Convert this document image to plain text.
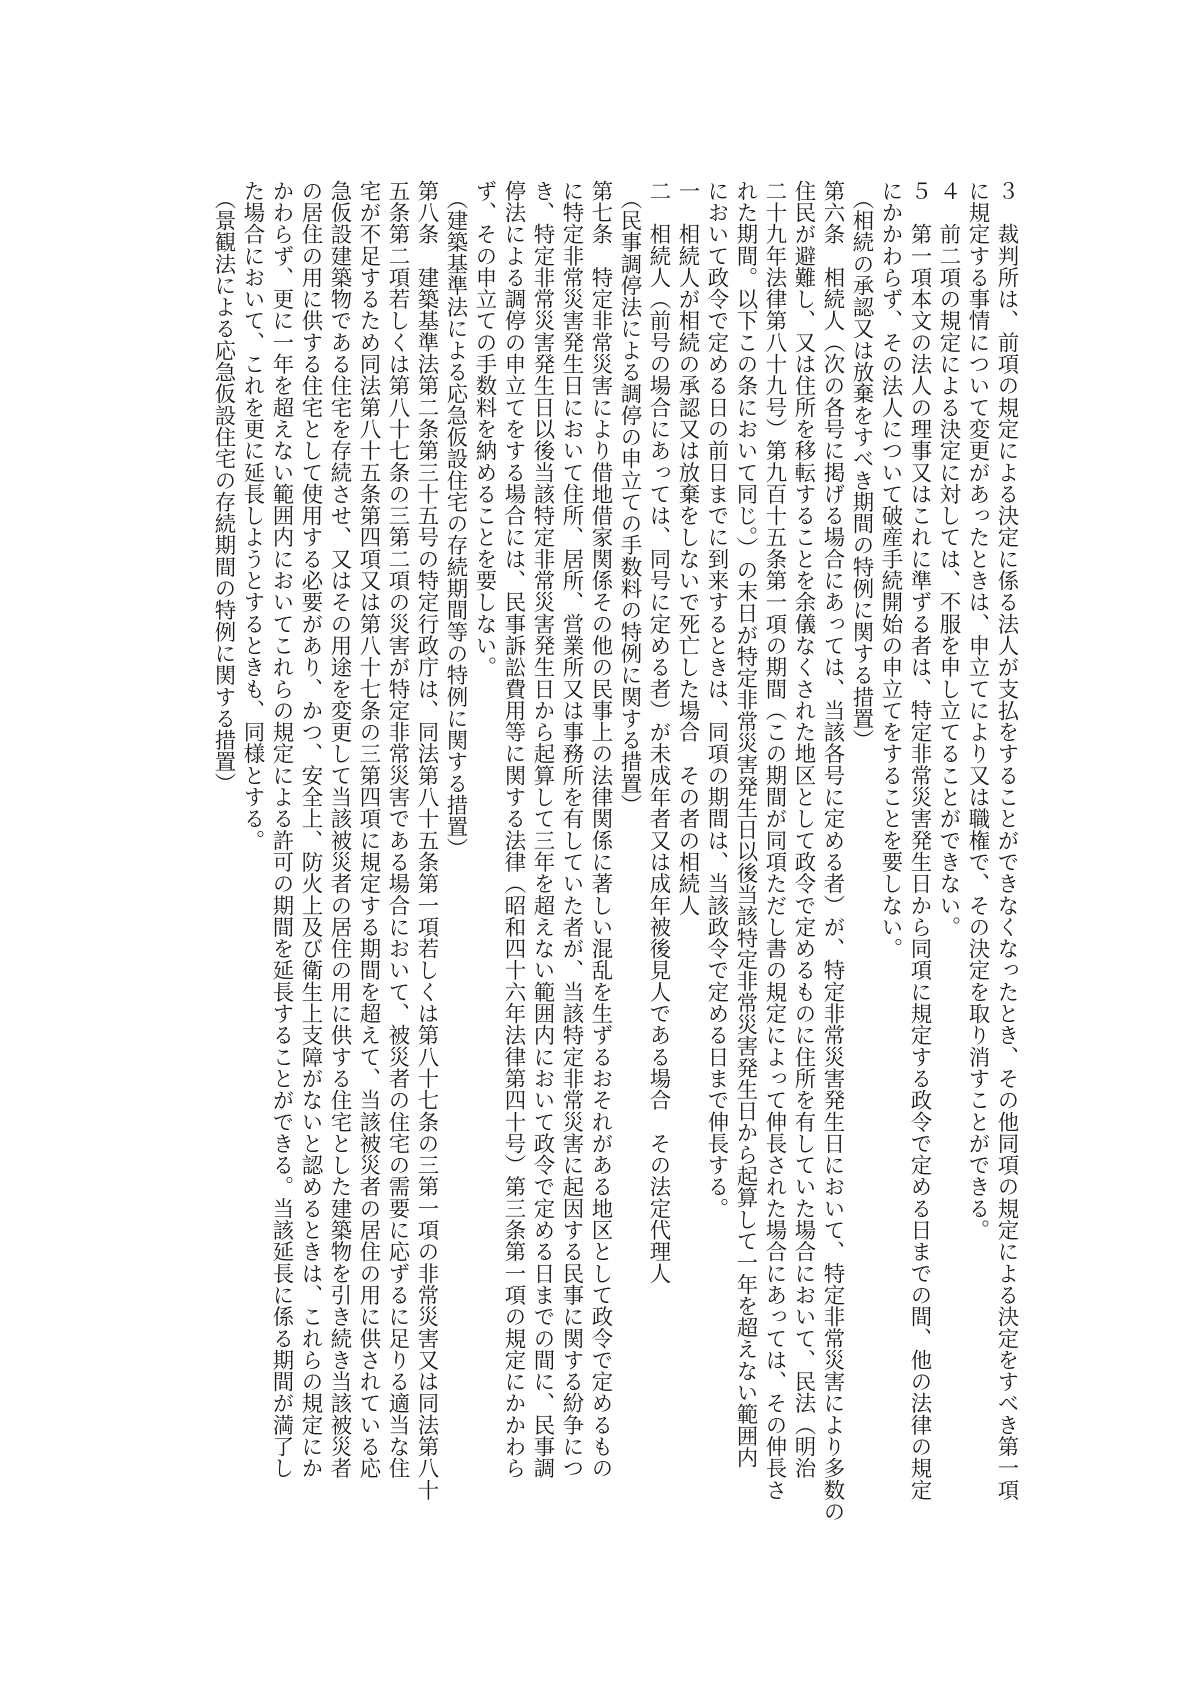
３　裁判所は、前項の規定による決定に係る法人が支払をすることができなくなったとき、その他同項の規定による決定をすべき第一項
に規定する事情について変更があったときは、申立てにより又は職権で、その決定を取り消すことができる。
４　前二項の規定による決定に対しては、不服を申し立てることができない。
５　第一項本文の法人の理事又はこれに準ずる者は、特定非常災害発生日から同項に規定する政令で定める日までの間、他の法律の規定
にかかわらず、その法人について破産手続開始の申立てをすることを要しない。
（相続の承認又は放棄をすべき期間の特例に関する措置）
第六条　相続人（次の各号に掲げる場合にあっては、当該各号に定める者）が、特定非常災害発生日において、特定非常災害により多数の
住民が避難し、又は住所を移転することを余儀なくされた地区として政令で定めるものに住所を有していた場合において、民法（明治
二十九年法律第八十九号）第九百十五条第一項の期間（この期間が同項ただし書の規定によって伸長された場合にあっては、その伸長さ
れた期間。以下この条において同じ。）の末日が特定非常災害発生日以後当該特定非常災害発生日から起算して一年を超えない範囲内
において政令で定める日の前日までに到来するときは、同項の期間は、当該政令で定める日まで伸長する。
一　相続人が相続の承認又は放棄をしないで死亡した場合　その者の相続人
二　相続人（前号の場合にあっては、同号に定める者）が未成年者又は成年被後見人である場合　その法定代理人
（民事調停法による調停の申立ての手数料の特例に関する措置）
第七条　特定非常災害により借地借家関係その他の民事上の法律関係に著しい混乱を生ずるおそれがある地区として政令で定めるもの
に特定非常災害発生日において住所、居所、営業所又は事務所を有していた者が、当該特定非常災害に起因する民事に関する紛争につ
き、特定非常災害発生日以後当該特定非常災害発生日から起算して三年を超えない範囲内において政令で定める日までの間に、民事調
停法による調停の申立てをする場合には、民事訴訟費用等に関する法律（昭和四十六年法律第四十号）第三条第一項の規定にかかわら
ず、その申立ての手数料を納めることを要しない。
（建築基準法による応急仮設住宅の存続期間等の特例に関する措置）
第八条　建築基準法第二条第三十五号の特定行政庁は、同法第八十五条第一項若しくは第八十七条の三第一項の非常災害又は同法第八十
五条第二項若しくは第八十七条の三第二項の災害が特定非常災害である場合において、被災者の住宅の需要に応ずるに足りる適当な住
宅が不足するため同法第八十五条第四項又は第八十七条の三第四項に規定する期間を超えて、当該被災者の居住の用に供されている応
急仮設建築物である住宅を存続させ、又はその用途を変更して当該被災者の居住の用に供する住宅とした建築物を引き続き当該被災者
の居住の用に供する住宅として使用する必要があり、かつ、安全上、防火上及び衛生上支障がないと認めるときは、これらの規定にか
かわらず、更に一年を超えない範囲内においてこれらの規定による許可の期間を延長することができる。当該延長に係る期間が満了し
た場合において、これを更に延長しようとするときも、同様とする。
（景観法による応急仮設住宅の存続期間の特例に関する措置）
